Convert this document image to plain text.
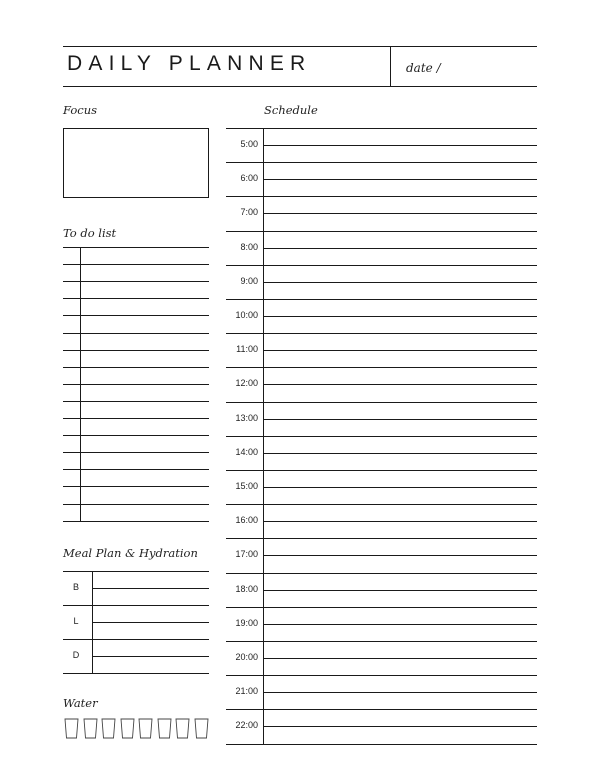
DAILY PLANNER	date /
Focus
To do list
Meal Plan & Hydration
B
L
D
Water
Schedule
5:00
6:00
7:00
8:00
9:00
10:00
11:00
12:00
13:00
14:00
15:00
16:00
17:00
18:00
19:00
20:00
21:00
22:00
